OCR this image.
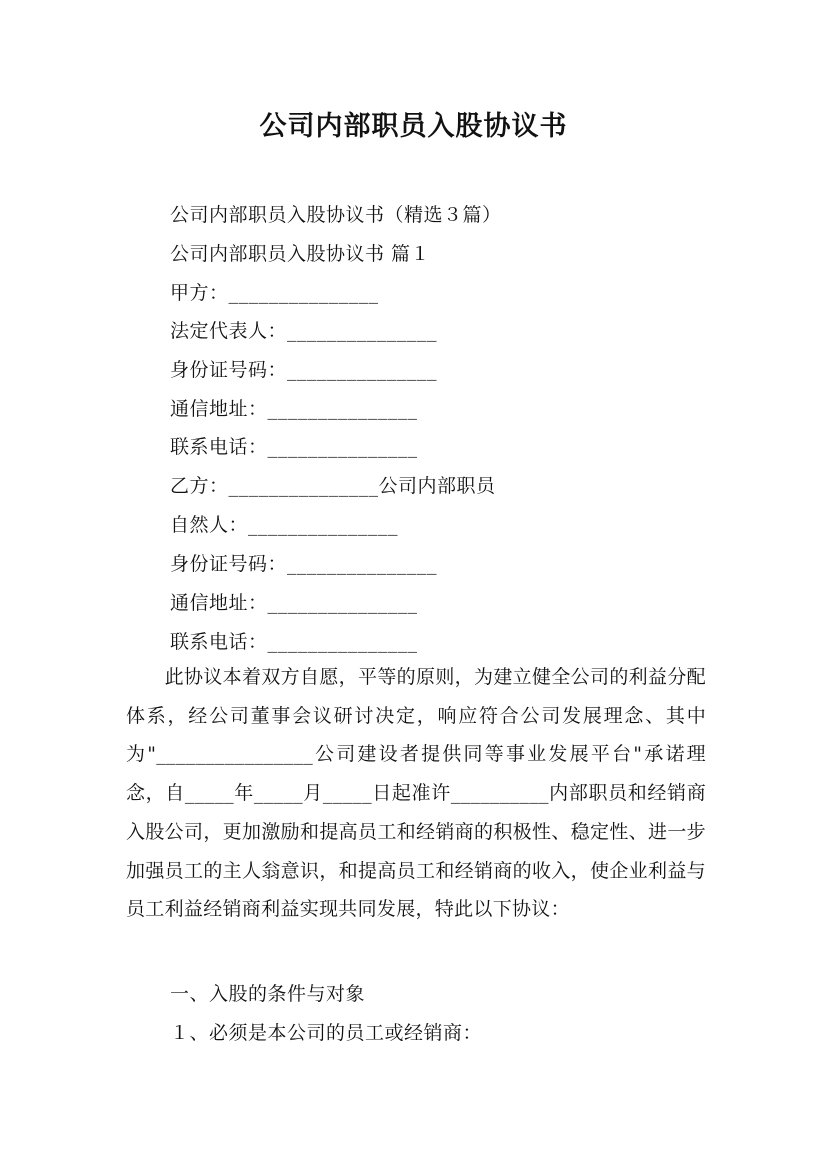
公司内部职员入股协议书
公司内部职员入股协议书（精选３篇）
公司内部职员入股协议书 篇１
甲方：_______________
法定代表人：_______________
身份证号码：_______________
通信地址：_______________
联系电话：_______________
乙方：_______________公司内部职员
自然人：_______________
身份证号码：_______________
通信地址：_______________
联系电话：_______________
　　此协议本着双方自愿，平等的原则，为建立健全公司的利益分配体系，经公司董事会议研讨决定，响应符合公司发展理念、其中为"________________公司建设者提供同等事业发展平台"承诺理念，自_____年_____月_____日起准许__________内部职员和经销商入股公司，更加激励和提高员工和经销商的积极性、稳定性、进一步加强员工的主人翁意识，和提高员工和经销商的收入，使企业利益与员工利益经销商利益实现共同发展，特此以下协议：
一、入股的条件与对象
１、必须是本公司的员工或经销商：
